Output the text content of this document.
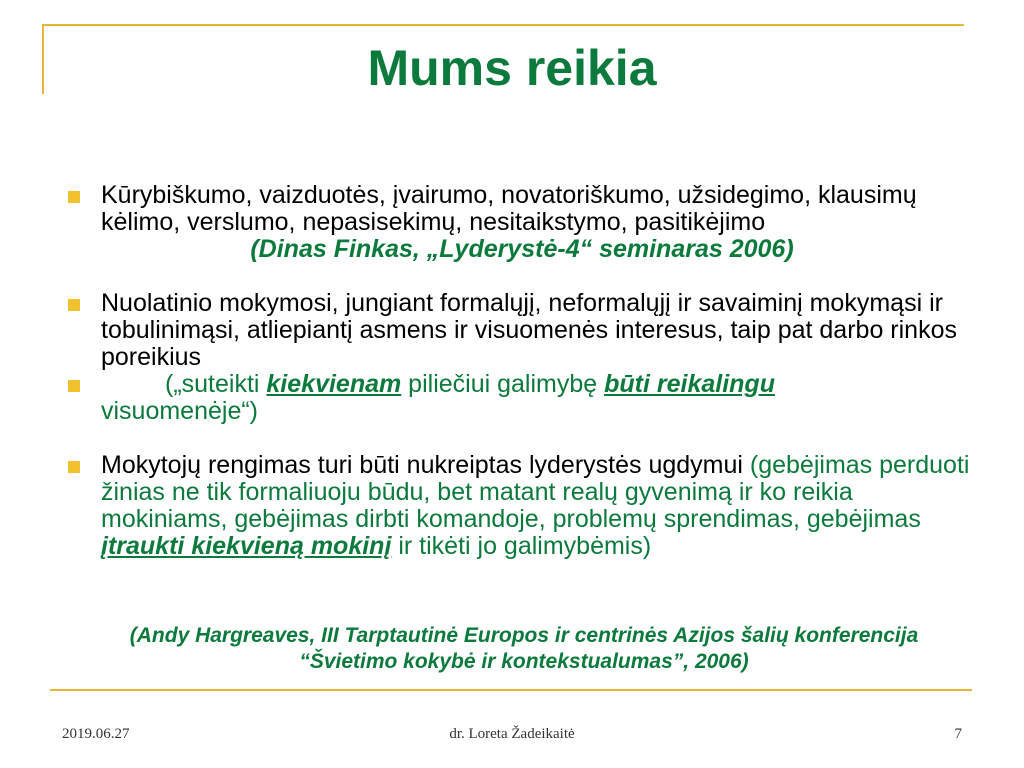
Mums reikia
Kūrybiškumo, vaizduotės, įvairumo, novatoriškumo, užsidegimo, klausimų kėlimo, verslumo, nepasisekimų, nesitaikstymo, pasitikėjimo
(Dinas Finkas, „Lyderystė-4“ seminaras 2006)
Nuolatinio mokymosi, jungiant formalųjį, neformalųjį ir savaiminį mokymąsi ir tobulinimąsi, atliepiantį asmens ir visuomenės interesus, taip pat darbo rinkos poreikius
(„suteikti kiekvienam piliečiui galimybę būti reikalingu
visuomenėje“)
Mokytojų rengimas turi būti nukreiptas lyderystės ugdymui (gebėjimas perduoti žinias ne tik formaliuoju būdu, bet matant realų gyvenimą ir ko reikia mokiniams, gebėjimas dirbti komandoje, problemų sprendimas, gebėjimas įtraukti kiekvieną mokinį ir tikėti jo galimybėmis)
(Andy Hargreaves, III Tarptautinė Europos ir centrinės Azijos šalių konferencija
“Švietimo kokybė ir kontekstualumas”, 2006)
2019.06.27	dr. Loreta Žadeikaitė	7
